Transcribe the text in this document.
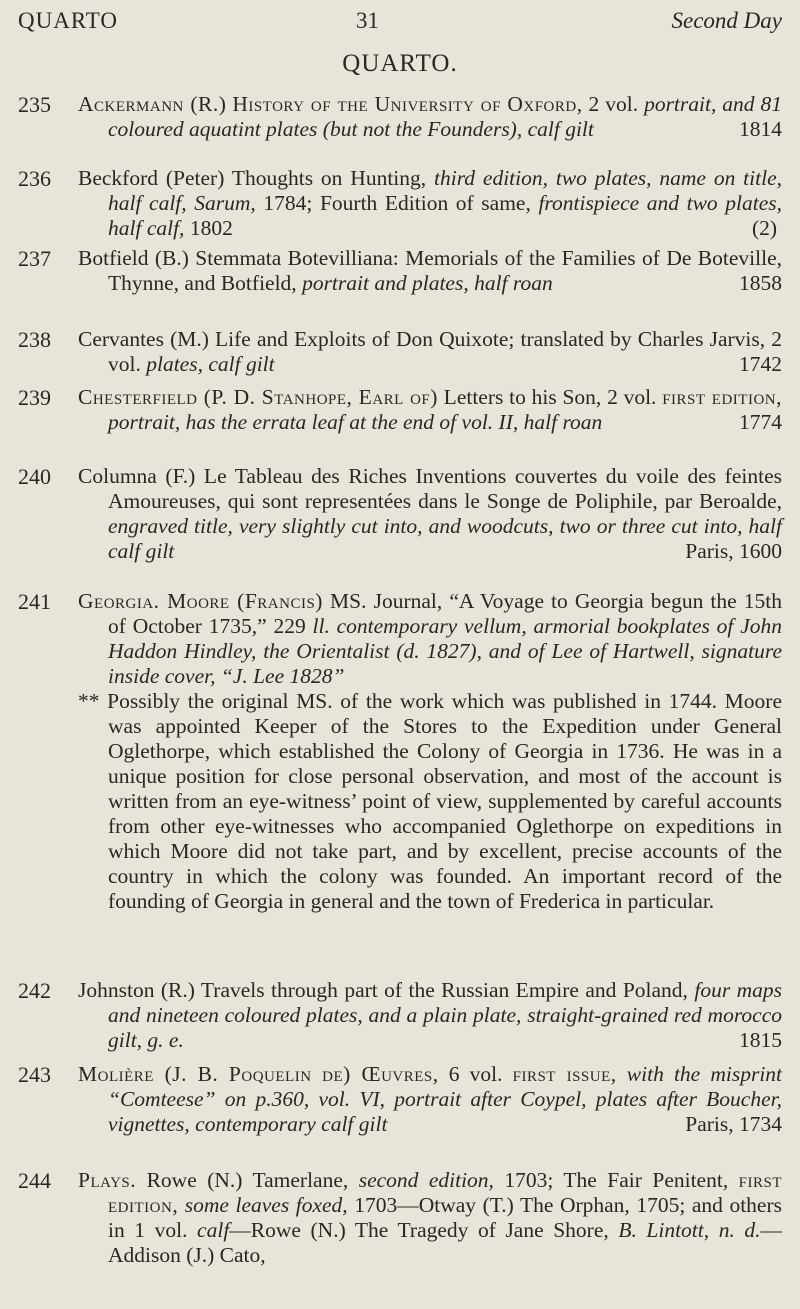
QUARTO	31	Second Day
QUARTO.
235	Ackermann (R.) History of the University of Oxford, 2 vol. portrait, and 81 coloured aquatint plates (but not the Founders), calf gilt	1814
236	Beckford (Peter) Thoughts on Hunting, third edition, two plates, name on title, half calf, Sarum, 1784; Fourth Edition of same, frontispiece and two plates, half calf, 1802	(2)
237	Botfield (B.) Stemmata Botevilliana: Memorials of the Families of De Boteville, Thynne, and Botfield, portrait and plates, half roan	1858
238	Cervantes (M.) Life and Exploits of Don Quixote; translated by Charles Jarvis, 2 vol. plates, calf gilt	1742
239	Chesterfield (P. D. Stanhope, Earl of) Letters to his Son, 2 vol. first edition, portrait, has the errata leaf at the end of vol. II, half roan	1774
240	Columna (F.) Le Tableau des Riches Inventions couvertes du voile des feintes Amoureuses, qui sont representées dans le Songe de Poliphile, par Beroalde, engraved title, very slightly cut into, and woodcuts, two or three cut into, half calf gilt	Paris, 1600
241	Georgia. Moore (Francis) MS. Journal, “A Voyage to Georgia begun the 15th of October 1735,” 229 ll. contemporary vellum, armorial bookplates of John Haddon Hindley, the Orientalist (d. 1827), and of Lee of Hartwell, signature inside cover, “J. Lee 1828”
** Possibly the original MS. of the work which was published in 1744. Moore was appointed Keeper of the Stores to the Expedition under General Oglethorpe, which established the Colony of Georgia in 1736. He was in a unique position for close personal observation, and most of the account is written from an eye-witness’ point of view, supplemented by careful accounts from other eye-witnesses who accompanied Oglethorpe on expeditions in which Moore did not take part, and by excellent, precise accounts of the country in which the colony was founded. An important record of the founding of Georgia in general and the town of Frederica in particular.
242	Johnston (R.) Travels through part of the Russian Empire and Poland, four maps and nineteen coloured plates, and a plain plate, straight-grained red morocco gilt, g. e.	1815
243	Molière (J. B. Poquelin de) Œuvres, 6 vol. first issue, with the misprint “Comteese” on p.360, vol. VI, portrait after Coypel, plates after Boucher, vignettes, contemporary calf gilt	Paris, 1734
244	Plays. Rowe (N.) Tamerlane, second edition, 1703; The Fair Penitent, first edition, some leaves foxed, 1703—Otway (T.) The Orphan, 1705; and others in 1 vol. calf—Rowe (N.) The Tragedy of Jane Shore, B. Lintott, n. d.—Addison (J.) Cato,
